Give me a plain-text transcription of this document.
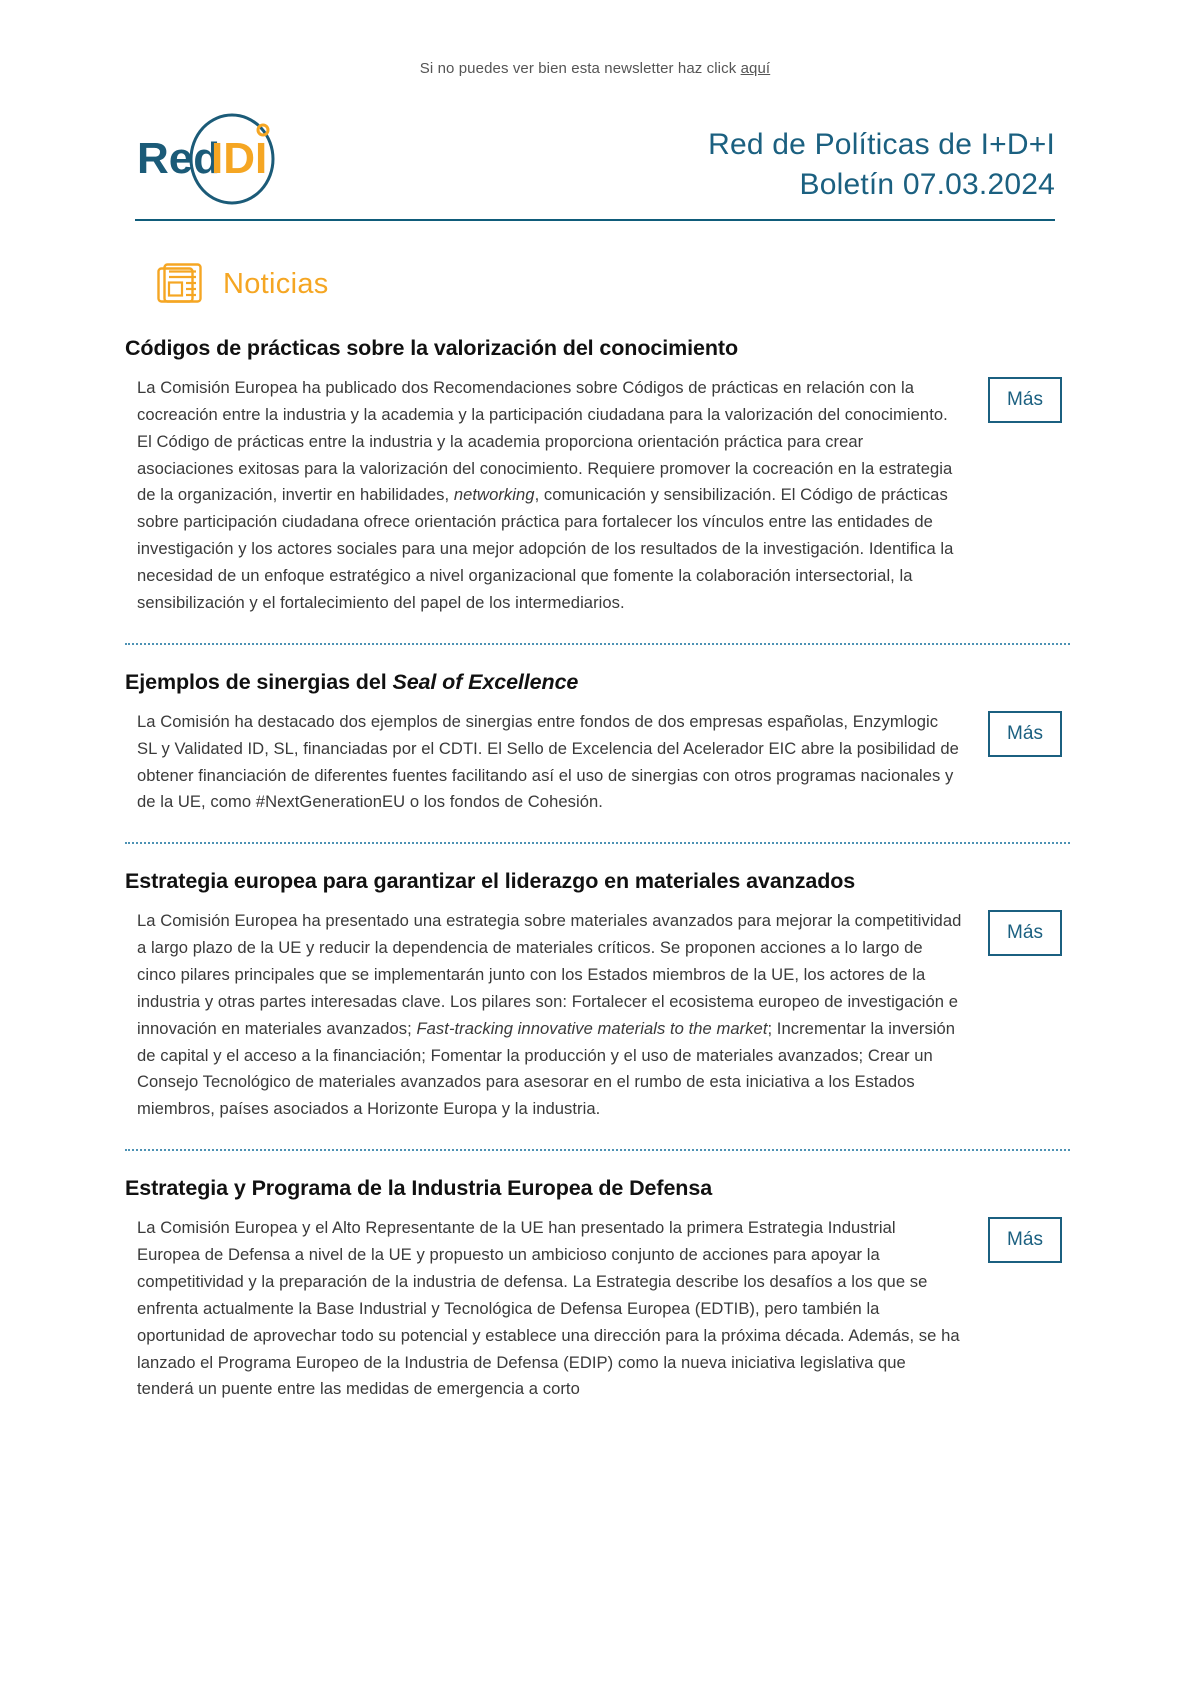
Si no puedes ver bien esta newsletter haz click aquí
Red
IDI	Red de Políticas de I+D+I
Boletín 07.03.2024
Noticias
Códigos de prácticas sobre la valorización del conocimiento

La Comisión Europea ha publicado dos Recomendaciones sobre Códigos de prácticas en relación con la cocreación entre la industria y la academia y la participación ciudadana para la valorización del conocimiento. El Código de prácticas entre la industria y la academia proporciona orientación práctica para crear asociaciones exitosas para la valorización del conocimiento. Requiere promover la cocreación en la estrategia de la organización, invertir en habilidades, networking, comunicación y sensibilización. El Código de prácticas sobre participación ciudadana ofrece orientación práctica para fortalecer los vínculos entre las entidades de investigación y los actores sociales para una mejor adopción de los resultados de la investigación. Identifica la necesidad de un enfoque estratégico a nivel organizacional que fomente la colaboración intersectorial, la sensibilización y el fortalecimiento del papel de los intermediarios.

Más
Ejemplos de sinergias del Seal of Excellence

La Comisión ha destacado dos ejemplos de sinergias entre fondos de dos empresas españolas, Enzymlogic SL y Validated ID, SL, financiadas por el CDTI. El Sello de Excelencia del Acelerador EIC abre la posibilidad de obtener financiación de diferentes fuentes facilitando así el uso de sinergias con otros programas nacionales y de la UE, como #NextGenerationEU o los fondos de Cohesión.

Más
Estrategia europea para garantizar el liderazgo en materiales avanzados

La Comisión Europea ha presentado una estrategia sobre materiales avanzados para mejorar la competitividad a largo plazo de la UE y reducir la dependencia de materiales críticos. Se proponen acciones a lo largo de cinco pilares principales que se implementarán junto con los Estados miembros de la UE, los actores de la industria y otras partes interesadas clave. Los pilares son: Fortalecer el ecosistema europeo de investigación e innovación en materiales avanzados; Fast-tracking innovative materials to the market; Incrementar la inversión de capital y el acceso a la financiación; Fomentar la producción y el uso de materiales avanzados; Crear un Consejo Tecnológico de materiales avanzados para asesorar en el rumbo de esta iniciativa a los Estados miembros, países asociados a Horizonte Europa y la industria.

Más
Estrategia y Programa de la Industria Europea de Defensa

La Comisión Europea y el Alto Representante de la UE han presentado la primera Estrategia Industrial Europea de Defensa a nivel de la UE y propuesto un ambicioso conjunto de acciones para apoyar la competitividad y la preparación de la industria de defensa. La Estrategia describe los desafíos a los que se enfrenta actualmente la Base Industrial y Tecnológica de Defensa Europea (EDTIB), pero también la oportunidad de aprovechar todo su potencial y establece una dirección para la próxima década. Además, se ha lanzado el Programa Europeo de la Industria de Defensa (EDIP) como la nueva iniciativa legislativa que tenderá un puente entre las medidas de emergencia a corto

Más
